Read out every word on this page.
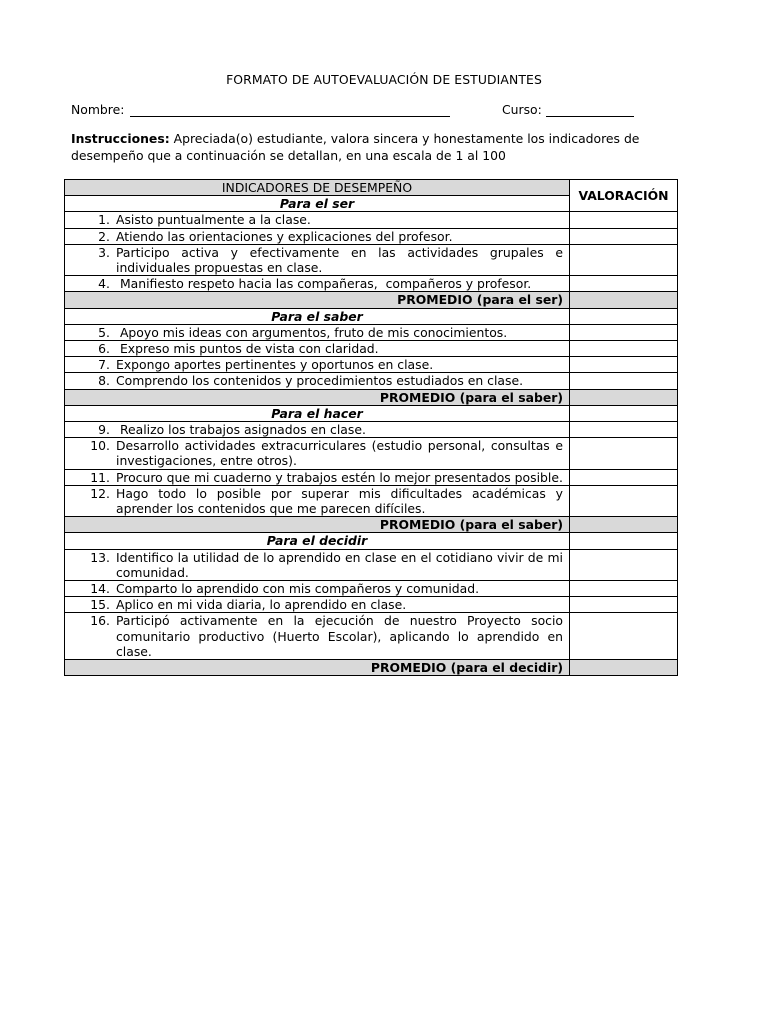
FORMATO DE AUTOEVALUACIÓN DE ESTUDIANTES
Nombre:	Curso:
Instrucciones: Apreciada(o) estudiante, valora sincera y honestamente los indicadores de desempeño que a continuación se detallan, en una escala de 1 al 100
INDICADORES DE DESEMPEÑO	VALORACIÓN
Para el ser	

1. Asisto puntualmente a la clase.	

2. Atiendo las orientaciones y explicaciones del profesor.	

3. Participo activa y efectivamente en las actividades grupales e individuales propuestas en clase.	

4. Manifiesto respeto hacia las compañeras,  compañeros y profesor.	

PROMEDIO (para el ser)	
Para el saber	

5. Apoyo mis ideas con argumentos, fruto de mis conocimientos.	

6. Expreso mis puntos de vista con claridad.	

7. Expongo aportes pertinentes y oportunos en clase.	

8. Comprendo los contenidos y procedimientos estudiados en clase.	

PROMEDIO (para el saber)	
Para el hacer	

9. Realizo los trabajos asignados en clase.	

10. Desarrollo actividades extracurriculares (estudio personal, consultas e investigaciones, entre otros).	

11. Procuro que mi cuaderno y trabajos estén lo mejor presentados posible.	

12. Hago todo lo posible por superar mis dificultades académicas y aprender los contenidos que me parecen difíciles.	

PROMEDIO (para el saber)	
Para el decidir	

13. Identifico la utilidad de lo aprendido en clase en el cotidiano vivir de mi comunidad.	

14. Comparto lo aprendido con mis compañeros y comunidad.	

15. Aplico en mi vida diaria, lo aprendido en clase.	

16. Participó activamente en la ejecución de nuestro Proyecto socio comunitario productivo (Huerto Escolar), aplicando lo aprendido en clase.	

PROMEDIO (para el decidir)	
